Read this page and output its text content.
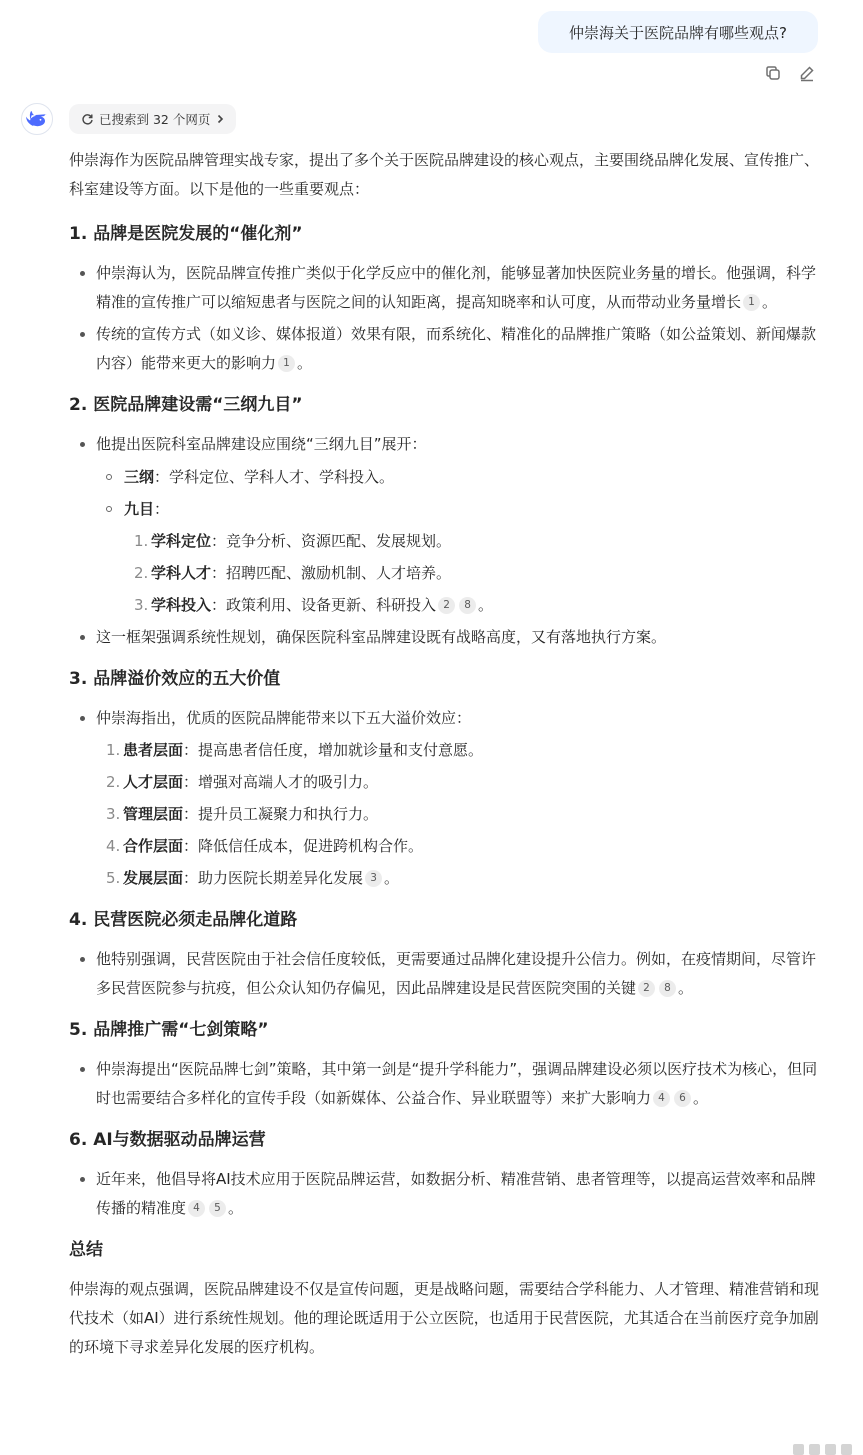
仲崇海关于医院品牌有哪些观点?
已搜索到 32 个网页

仲崇海作为医院品牌管理实战专家，提出了多个关于医院品牌建设的核心观点，主要围绕品牌化发展、宣传推广、科室建设等方面。以下是他的一些重要观点：

1. 品牌是医院发展的“催化剂”
仲崇海认为，医院品牌宣传推广类似于化学反应中的催化剂，能够显著加快医院业务量的增长。他强调，科学精准的宣传推广可以缩短患者与医院之间的认知距离，提高知晓率和认可度，从而带动业务量增长 1 。
传统的宣传方式（如义诊、媒体报道）效果有限，而系统化、精准化的品牌推广策略（如公益策划、新闻爆款内容）能带来更大的影响力 1 。
2. 医院品牌建设需“三纲九目”
他提出医院科室品牌建设应围绕“三纲九目”展开：
三纲：学科定位、学科人才、学科投入。
九目：
1. 学科定位：竞争分析、资源匹配、发展规划。
2. 学科人才：招聘匹配、激励机制、人才培养。
3. 学科投入：政策利用、设备更新、科研投入 2 8 。
这一框架强调系统性规划，确保医院科室品牌建设既有战略高度，又有落地执行方案。
3. 品牌溢价效应的五大价值
仲崇海指出，优质的医院品牌能带来以下五大溢价效应：
1. 患者层面：提高患者信任度，增加就诊量和支付意愿。
2. 人才层面：增强对高端人才的吸引力。
3. 管理层面：提升员工凝聚力和执行力。
4. 合作层面：降低信任成本，促进跨机构合作。
5. 发展层面：助力医院长期差异化发展 3 。
4. 民营医院必须走品牌化道路
他特别强调，民营医院由于社会信任度较低，更需要通过品牌化建设提升公信力。例如，在疫情期间，尽管许多民营医院参与抗疫，但公众认知仍存偏见，因此品牌建设是民营医院突围的关键 2 8 。
5. 品牌推广需“七剑策略”
仲崇海提出“医院品牌七剑”策略，其中第一剑是“提升学科能力”，强调品牌建设必须以医疗技术为核心，但同时也需要结合多样化的宣传手段（如新媒体、公益合作、异业联盟等）来扩大影响力 4 6 。
6. AI与数据驱动品牌运营
近年来，他倡导将AI技术应用于医院品牌运营，如数据分析、精准营销、患者管理等，以提高运营效率和品牌传播的精准度 4 5 。
总结

仲崇海的观点强调，医院品牌建设不仅是宣传问题，更是战略问题，需要结合学科能力、人才管理、精准营销和现代技术（如AI）进行系统性规划。他的理论既适用于公立医院，也适用于民营医院，尤其适合在当前医疗竞争加剧的环境下寻求差异化发展的医疗机构。
